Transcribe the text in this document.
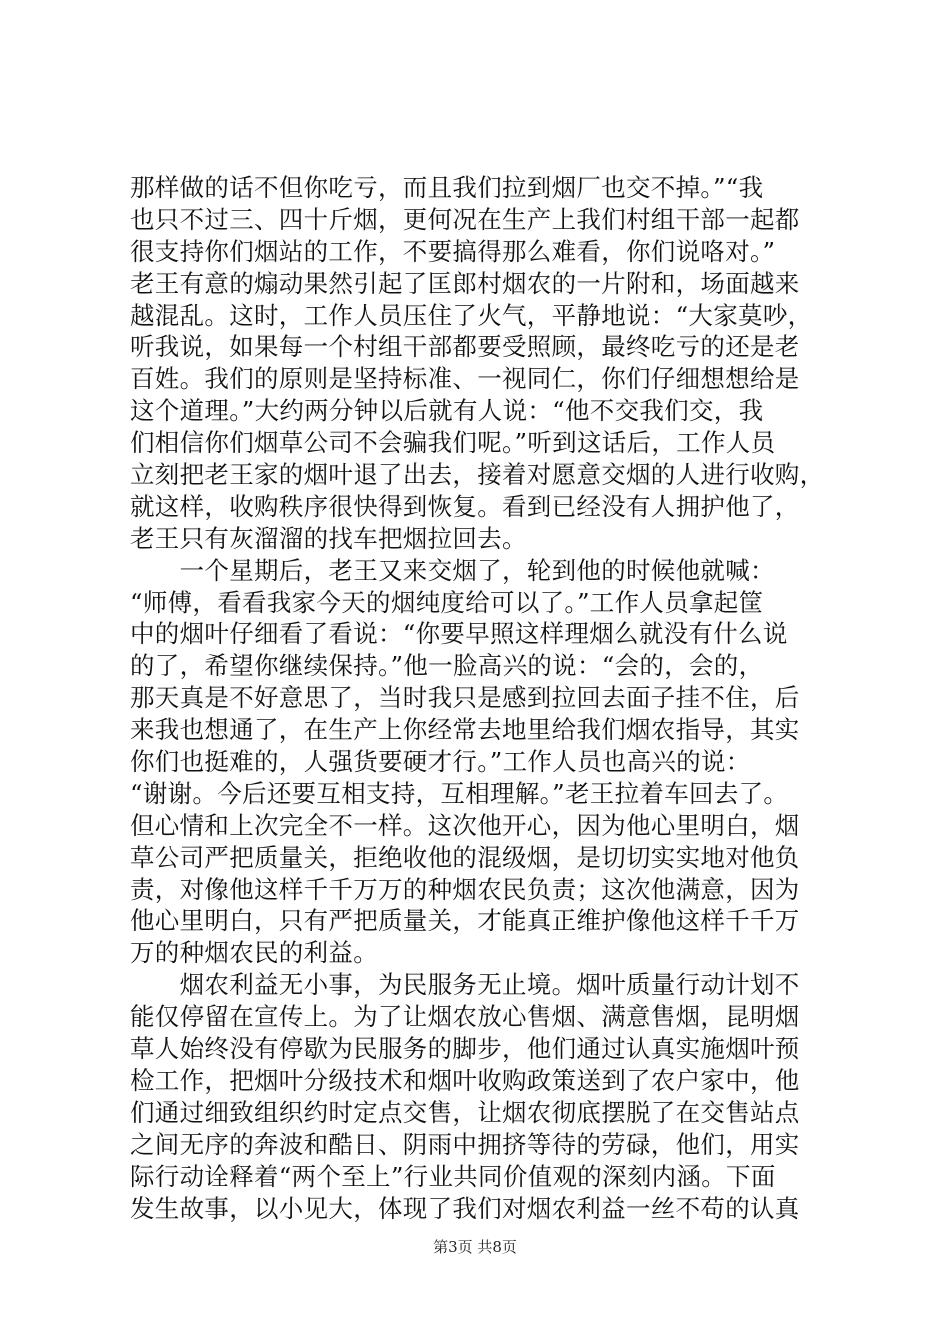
那样做的话不但你吃亏，而且我们拉到烟厂也交不掉。”“我
也只不过三、四十斤烟，更何况在生产上我们村组干部一起都
很支持你们烟站的工作，不要搞得那么难看，你们说咯对。”
老王有意的煽动果然引起了匡郎村烟农的一片附和，场面越来
越混乱。这时，工作人员压住了火气，平静地说：“大家莫吵，
听我说，如果每一个村组干部都要受照顾，最终吃亏的还是老
百姓。我们的原则是坚持标准、一视同仁，你们仔细想想给是
这个道理。”大约两分钟以后就有人说：“他不交我们交，我
们相信你们烟草公司不会骗我们呢。”听到这话后，工作人员
立刻把老王家的烟叶退了出去，接着对愿意交烟的人进行收购，
就这样，收购秩序很快得到恢复。看到已经没有人拥护他了，
老王只有灰溜溜的找车把烟拉回去。
　　一个星期后，老王又来交烟了，轮到他的时候他就喊：
“师傅，看看我家今天的烟纯度给可以了。”工作人员拿起筐
中的烟叶仔细看了看说：“你要早照这样理烟么就没有什么说
的了，希望你继续保持。”他一脸高兴的说：“会的，会的，
那天真是不好意思了，当时我只是感到拉回去面子挂不住，后
来我也想通了，在生产上你经常去地里给我们烟农指导，其实
你们也挺难的，人强货要硬才行。”工作人员也高兴的说：
“谢谢。今后还要互相支持，互相理解。”老王拉着车回去了。
但心情和上次完全不一样。这次他开心，因为他心里明白，烟
草公司严把质量关，拒绝收他的混级烟，是切切实实地对他负
责，对像他这样千千万万的种烟农民负责；这次他满意，因为
他心里明白，只有严把质量关，才能真正维护像他这样千千万
万的种烟农民的利益。
　　烟农利益无小事，为民服务无止境。烟叶质量行动计划不
能仅停留在宣传上。为了让烟农放心售烟、满意售烟，昆明烟
草人始终没有停歇为民服务的脚步，他们通过认真实施烟叶预
检工作，把烟叶分级技术和烟叶收购政策送到了农户家中，他
们通过细致组织约时定点交售，让烟农彻底摆脱了在交售站点
之间无序的奔波和酷日、阴雨中拥挤等待的劳碌，他们，用实
际行动诠释着“两个至上”行业共同价值观的深刻内涵。下面
发生故事，以小见大，体现了我们对烟农利益一丝不苟的认真
第3页 共8页
